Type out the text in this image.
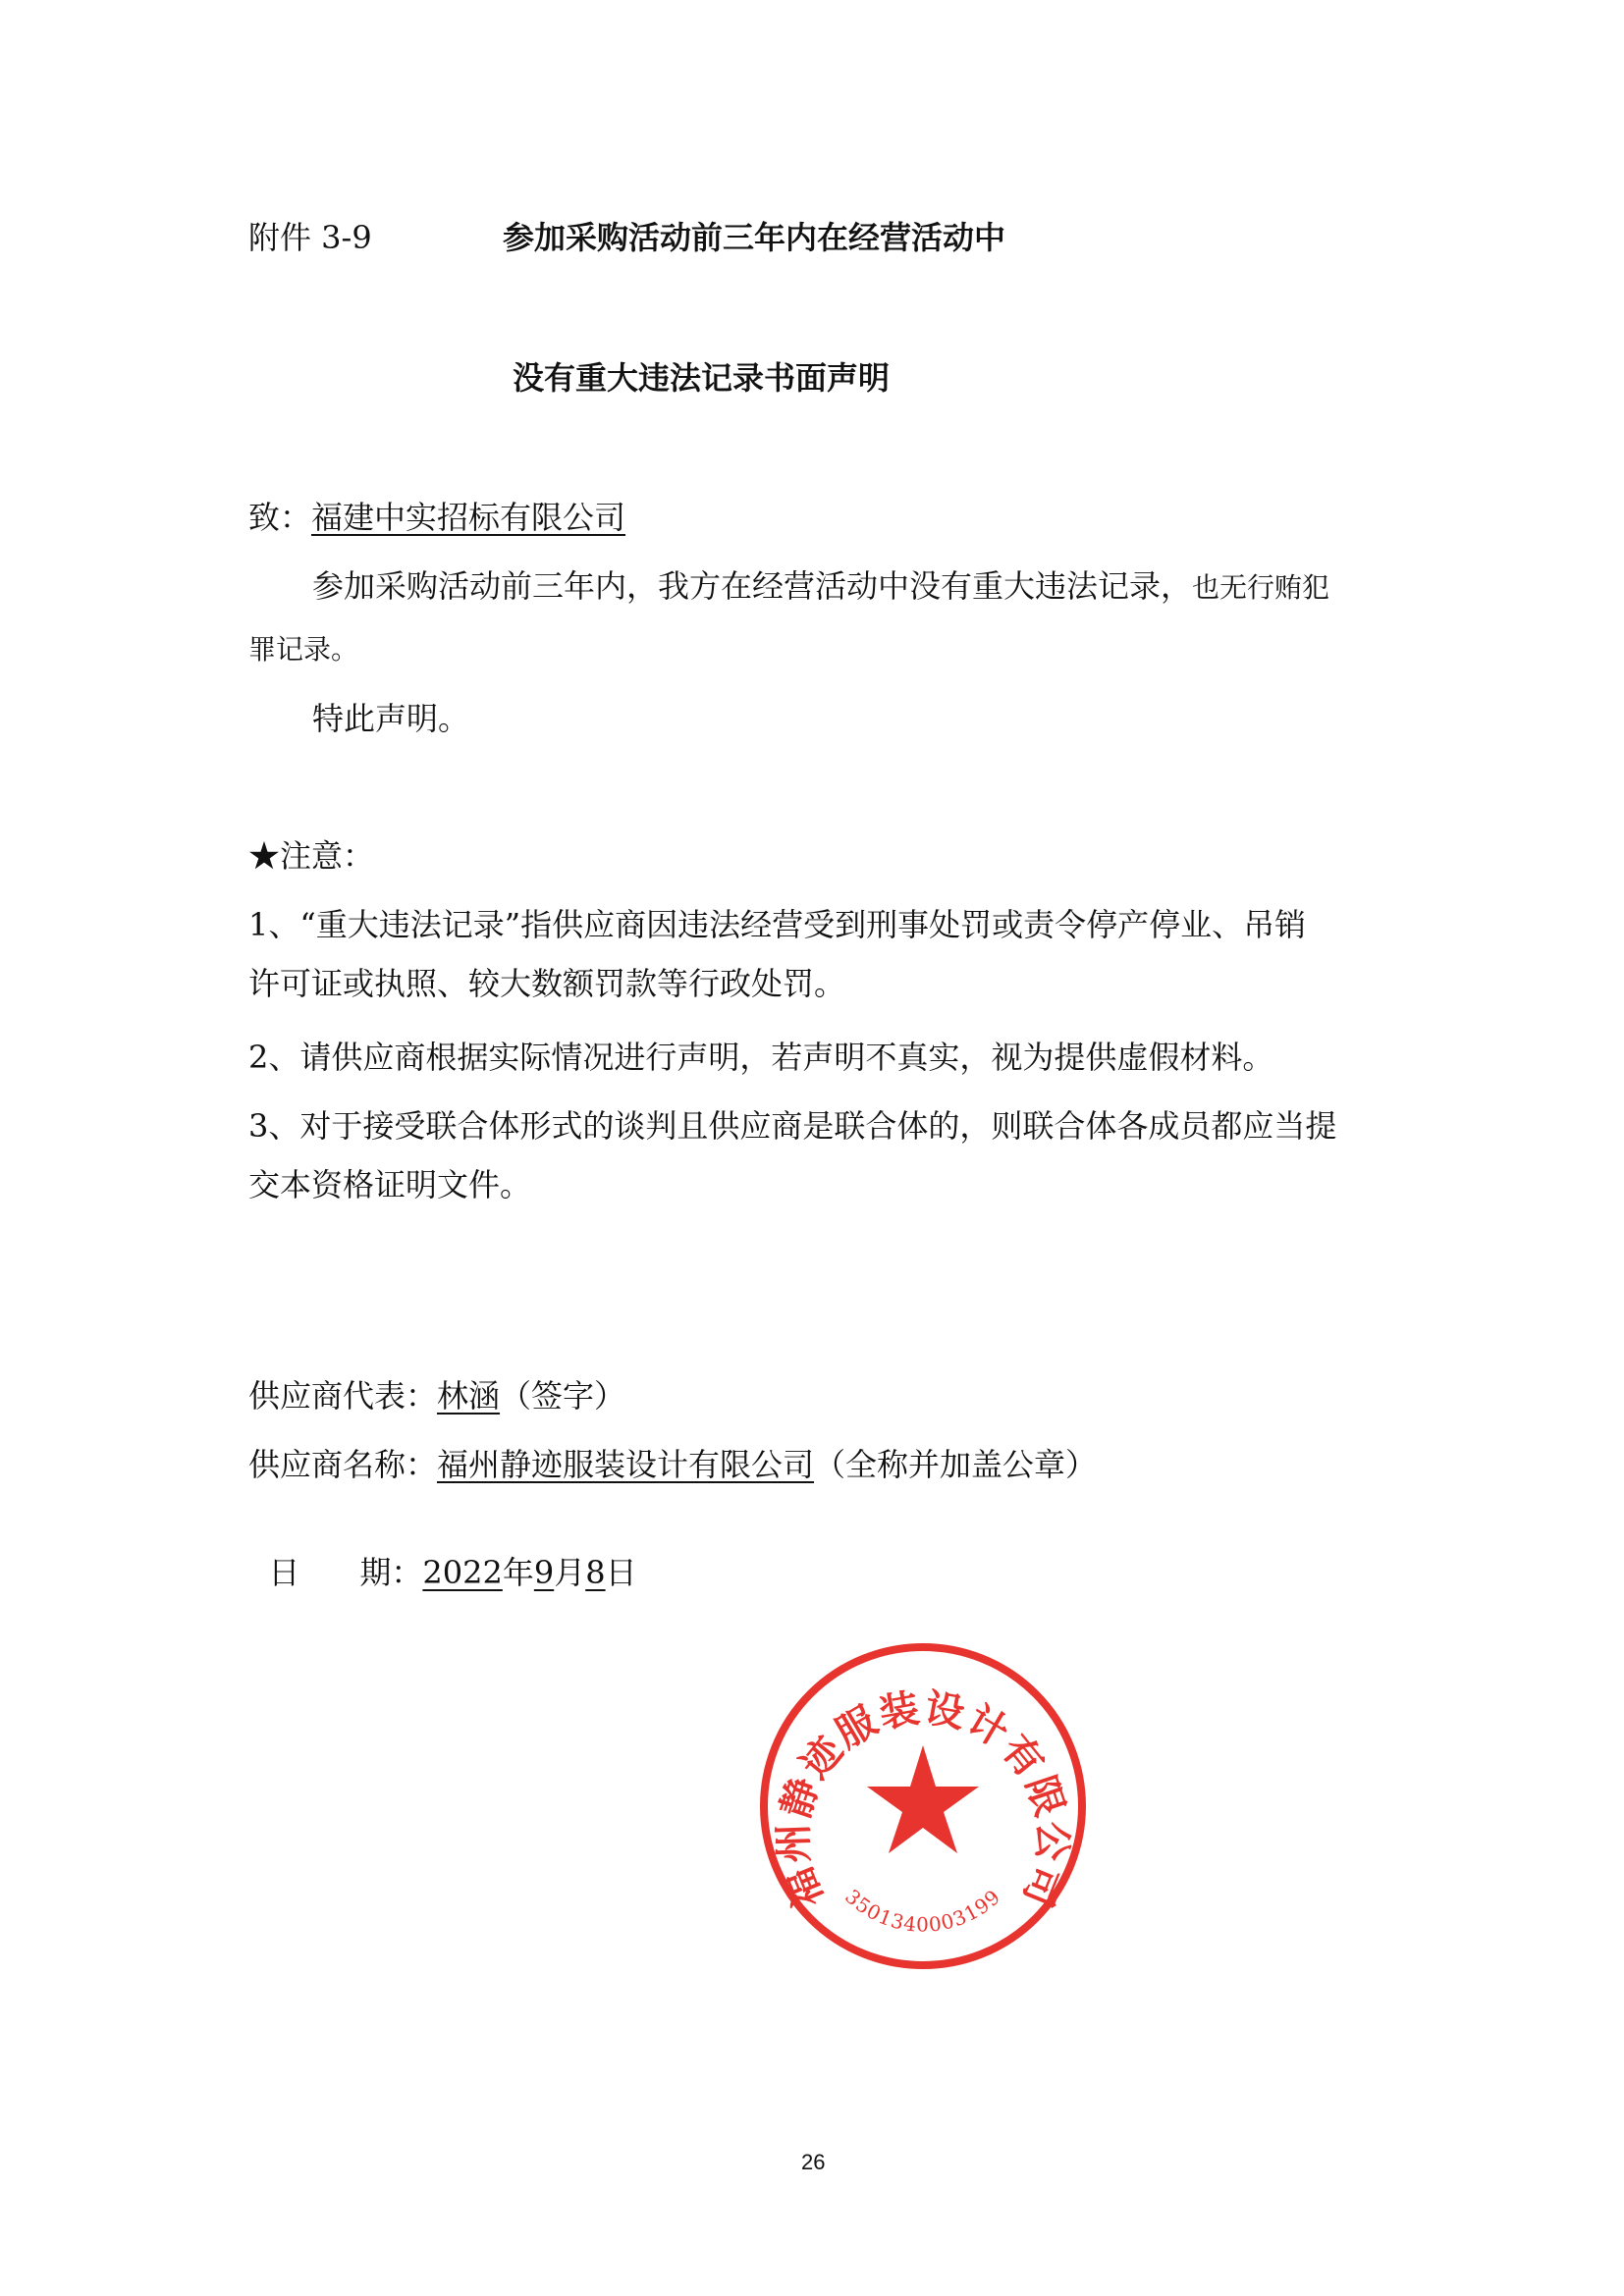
附件 3-9	参加采购活动前三年内在经营活动中
没有重大违法记录书面声明
致：福建中实招标有限公司
参加采购活动前三年内，我方在经营活动中没有重大违法记录，也无行贿犯
罪记录。
特此声明。
★注意：
1、“重大违法记录”指供应商因违法经营受到刑事处罚或责令停产停业、吊销
许可证或执照、较大数额罚款等行政处罚。
2、请供应商根据实际情况进行声明，若声明不真实，视为提供虚假材料。
3、对于接受联合体形式的谈判且供应商是联合体的，则联合体各成员都应当提
交本资格证明文件。
供应商代表：林涵（签字）
供应商名称：福州静迹服装设计有限公司（全称并加盖公章）

日      期：2022年9月8日

福州静迹服装设计有限公司
3501340003199
26
